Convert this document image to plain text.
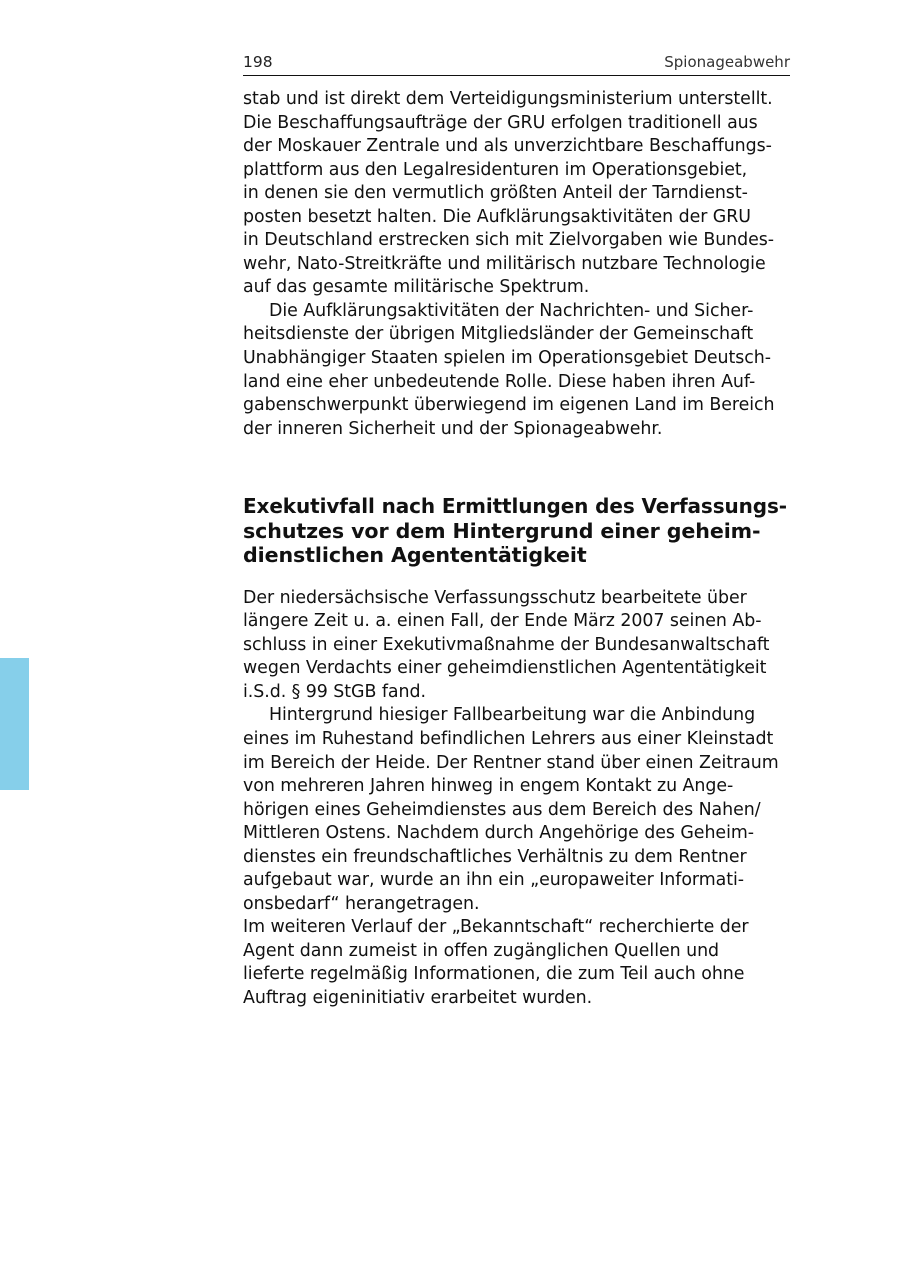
198	Spionageabwehr
stab und ist direkt dem Verteidigungsministerium unterstellt.
Die Beschaffungsaufträge der GRU erfolgen traditionell aus
der Moskauer Zentrale und als unverzichtbare Beschaffungs-
plattform aus den Legalresidenturen im Operationsgebiet,
in denen sie den vermutlich größten Anteil der Tarndienst-
posten besetzt halten. Die Aufklärungsaktivitäten der GRU
in Deutschland erstrecken sich mit Zielvorgaben wie Bundes-
wehr, Nato-Streitkräfte und militärisch nutzbare Technologie
auf das gesamte militärische Spektrum.
Die Aufklärungsaktivitäten der Nachrichten- und Sicher-
heitsdienste der übrigen Mitgliedsländer der Gemeinschaft
Unabhängiger Staaten spielen im Operationsgebiet Deutsch-
land eine eher unbedeutende Rolle. Diese haben ihren Auf-
gabenschwerpunkt überwiegend im eigenen Land im Bereich
der inneren Sicherheit und der Spionageabwehr.
Exekutivfall nach Ermittlungen des Verfassungs-
schutzes vor dem Hintergrund einer geheim-
dienstlichen Agententätigkeit
Der niedersächsische Verfassungsschutz bearbeitete über
längere Zeit u. a. einen Fall, der Ende März 2007 seinen Ab-
schluss in einer Exekutivmaßnahme der Bundesanwaltschaft
wegen Verdachts einer geheimdienstlichen Agententätigkeit
i.S.d. § 99 StGB fand.
Hintergrund hiesiger Fallbearbeitung war die Anbindung
eines im Ruhestand befindlichen Lehrers aus einer Kleinstadt
im Bereich der Heide. Der Rentner stand über einen Zeitraum
von mehreren Jahren hinweg in engem Kontakt zu Ange-
hörigen eines Geheimdienstes aus dem Bereich des Nahen/
Mittleren Ostens. Nachdem durch Angehörige des Geheim-
dienstes ein freundschaftliches Verhältnis zu dem Rentner
aufgebaut war, wurde an ihn ein „europaweiter Informati-
onsbedarf“ herangetragen.
Im weiteren Verlauf der „Bekanntschaft“ recherchierte der
Agent dann zumeist in offen zugänglichen Quellen und
lieferte regelmäßig Informationen, die zum Teil auch ohne
Auftrag eigeninitiativ erarbeitet wurden.
